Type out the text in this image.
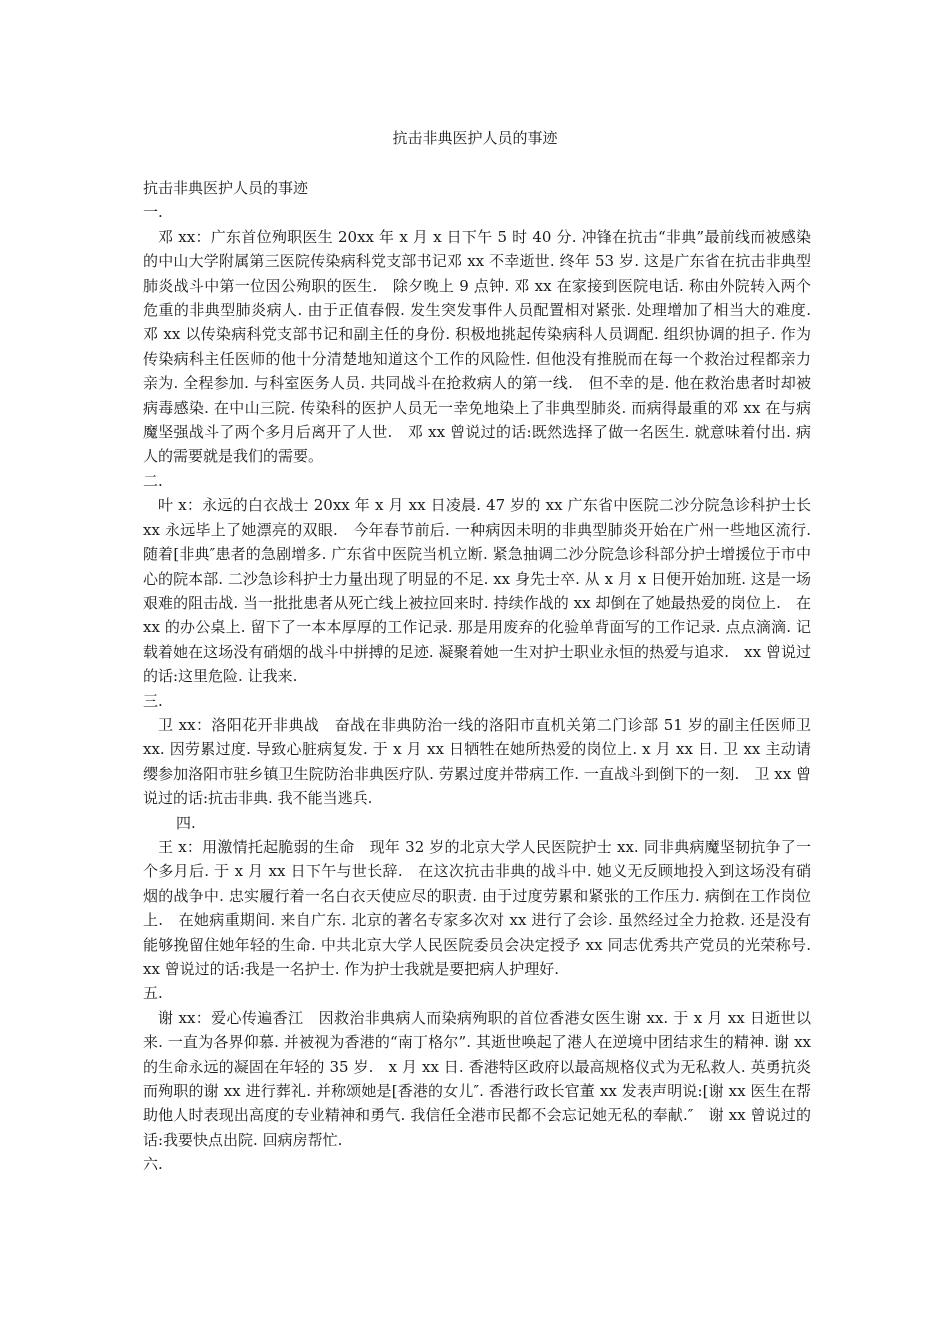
抗击非典医护人员的事迹

抗击非典医护人员的事迹

一.

邓 xx：广东首位殉职医生 20xx 年 x 月 x 日下午 5 时 40 分. 冲锋在抗击“非典”最前线而被感染的中山大学附属第三医院传染病科党支部书记邓 xx 不幸逝世. 终年 53 岁. 这是广东省在抗击非典型肺炎战斗中第一位因公殉职的医生.　除夕晚上 9 点钟. 邓 xx 在家接到医院电话. 称由外院转入两个危重的非典型肺炎病人. 由于正值春假. 发生突发事件人员配置相对紧张. 处理增加了相当大的难度. 邓 xx 以传染病科党支部书记和副主任的身份. 积极地挑起传染病科人员调配. 组织协调的担子. 作为传染病科主任医师的他十分清楚地知道这个工作的风险性. 但他没有推脱而在每一个救治过程都亲力亲为. 全程参加. 与科室医务人员. 共同战斗在抢救病人的第一线.　但不幸的是. 他在救治患者时却被病毒感染. 在中山三院. 传染科的医护人员无一幸免地染上了非典型肺炎. 而病得最重的邓 xx 在与病魔坚强战斗了两个多月后离开了人世.　邓 xx 曾说过的话:既然选择了做一名医生. 就意味着付出. 病人的需要就是我们的需要。

二.

叶 x：永远的白衣战士 20xx 年 x 月 xx 日凌晨. 47 岁的 xx 广东省中医院二沙分院急诊科护士长 xx 永远毕上了她漂亮的双眼.　今年春节前后. 一种病因未明的非典型肺炎开始在广州一些地区流行. 随着[非典″患者的急剧增多. 广东省中医院当机立断. 紧急抽调二沙分院急诊科部分护士增援位于市中心的院本部. 二沙急诊科护士力量出现了明显的不足. xx 身先士卒. 从 x 月 x 日便开始加班. 这是一场艰难的阻击战. 当一批批患者从死亡线上被拉回来时. 持续作战的 xx 却倒在了她最热爱的岗位上.　在 xx 的办公桌上. 留下了一本本厚厚的工作记录. 那是用废弃的化验单背面写的工作记录. 点点滴滴. 记载着她在这场没有硝烟的战斗中拼搏的足迹. 凝聚着她一生对护士职业永恒的热爱与追求.　xx 曾说过的话:这里危险. 让我来.

三.

卫 xx：洛阳花开非典战　奋战在非典防治一线的洛阳市直机关第二门诊部 51 岁的副主任医师卫 xx. 因劳累过度. 导致心脏病复发. 于 x 月 xx 日牺牲在她所热爱的岗位上. x 月 xx 日. 卫 xx 主动请缨参加洛阳市驻乡镇卫生院防治非典医疗队. 劳累过度并带病工作. 一直战斗到倒下的一刻.　卫 xx 曾说过的话:抗击非典. 我不能当逃兵.

四.

王 x：用激情托起脆弱的生命　现年 32 岁的北京大学人民医院护士 xx. 同非典病魔坚韧抗争了一个多月后. 于 x 月 xx 日下午与世长辞.　在这次抗击非典的战斗中. 她义无反顾地投入到这场没有硝烟的战争中. 忠实履行着一名白衣天使应尽的职责. 由于过度劳累和紧张的工作压力. 病倒在工作岗位上.　在她病重期间. 来自广东. 北京的著名专家多次对 xx 进行了会诊. 虽然经过全力抢救. 还是没有能够挽留住她年轻的生命. 中共北京大学人民医院委员会决定授予 xx 同志优秀共产党员的光荣称号.　xx 曾说过的话:我是一名护士. 作为护士我就是要把病人护理好.

五.

谢 xx：爱心传遍香江　因救治非典病人而染病殉职的首位香港女医生谢 xx. 于 x 月 xx 日逝世以来. 一直为各界仰慕. 并被视为香港的“南丁格尔”. 其逝世唤起了港人在逆境中团结求生的精神. 谢 xx 的生命永远的凝固在年轻的 35 岁.　x 月 xx 日. 香港特区政府以最高规格仪式为无私救人. 英勇抗炎而殉职的谢 xx 进行葬礼. 并称颂她是[香港的女儿″. 香港行政长官董 xx 发表声明说:[谢 xx 医生在帮助他人时表现出高度的专业精神和勇气. 我信任全港市民都不会忘记她无私的奉献.″　谢 xx 曾说过的话:我要快点出院. 回病房帮忙.

六.
